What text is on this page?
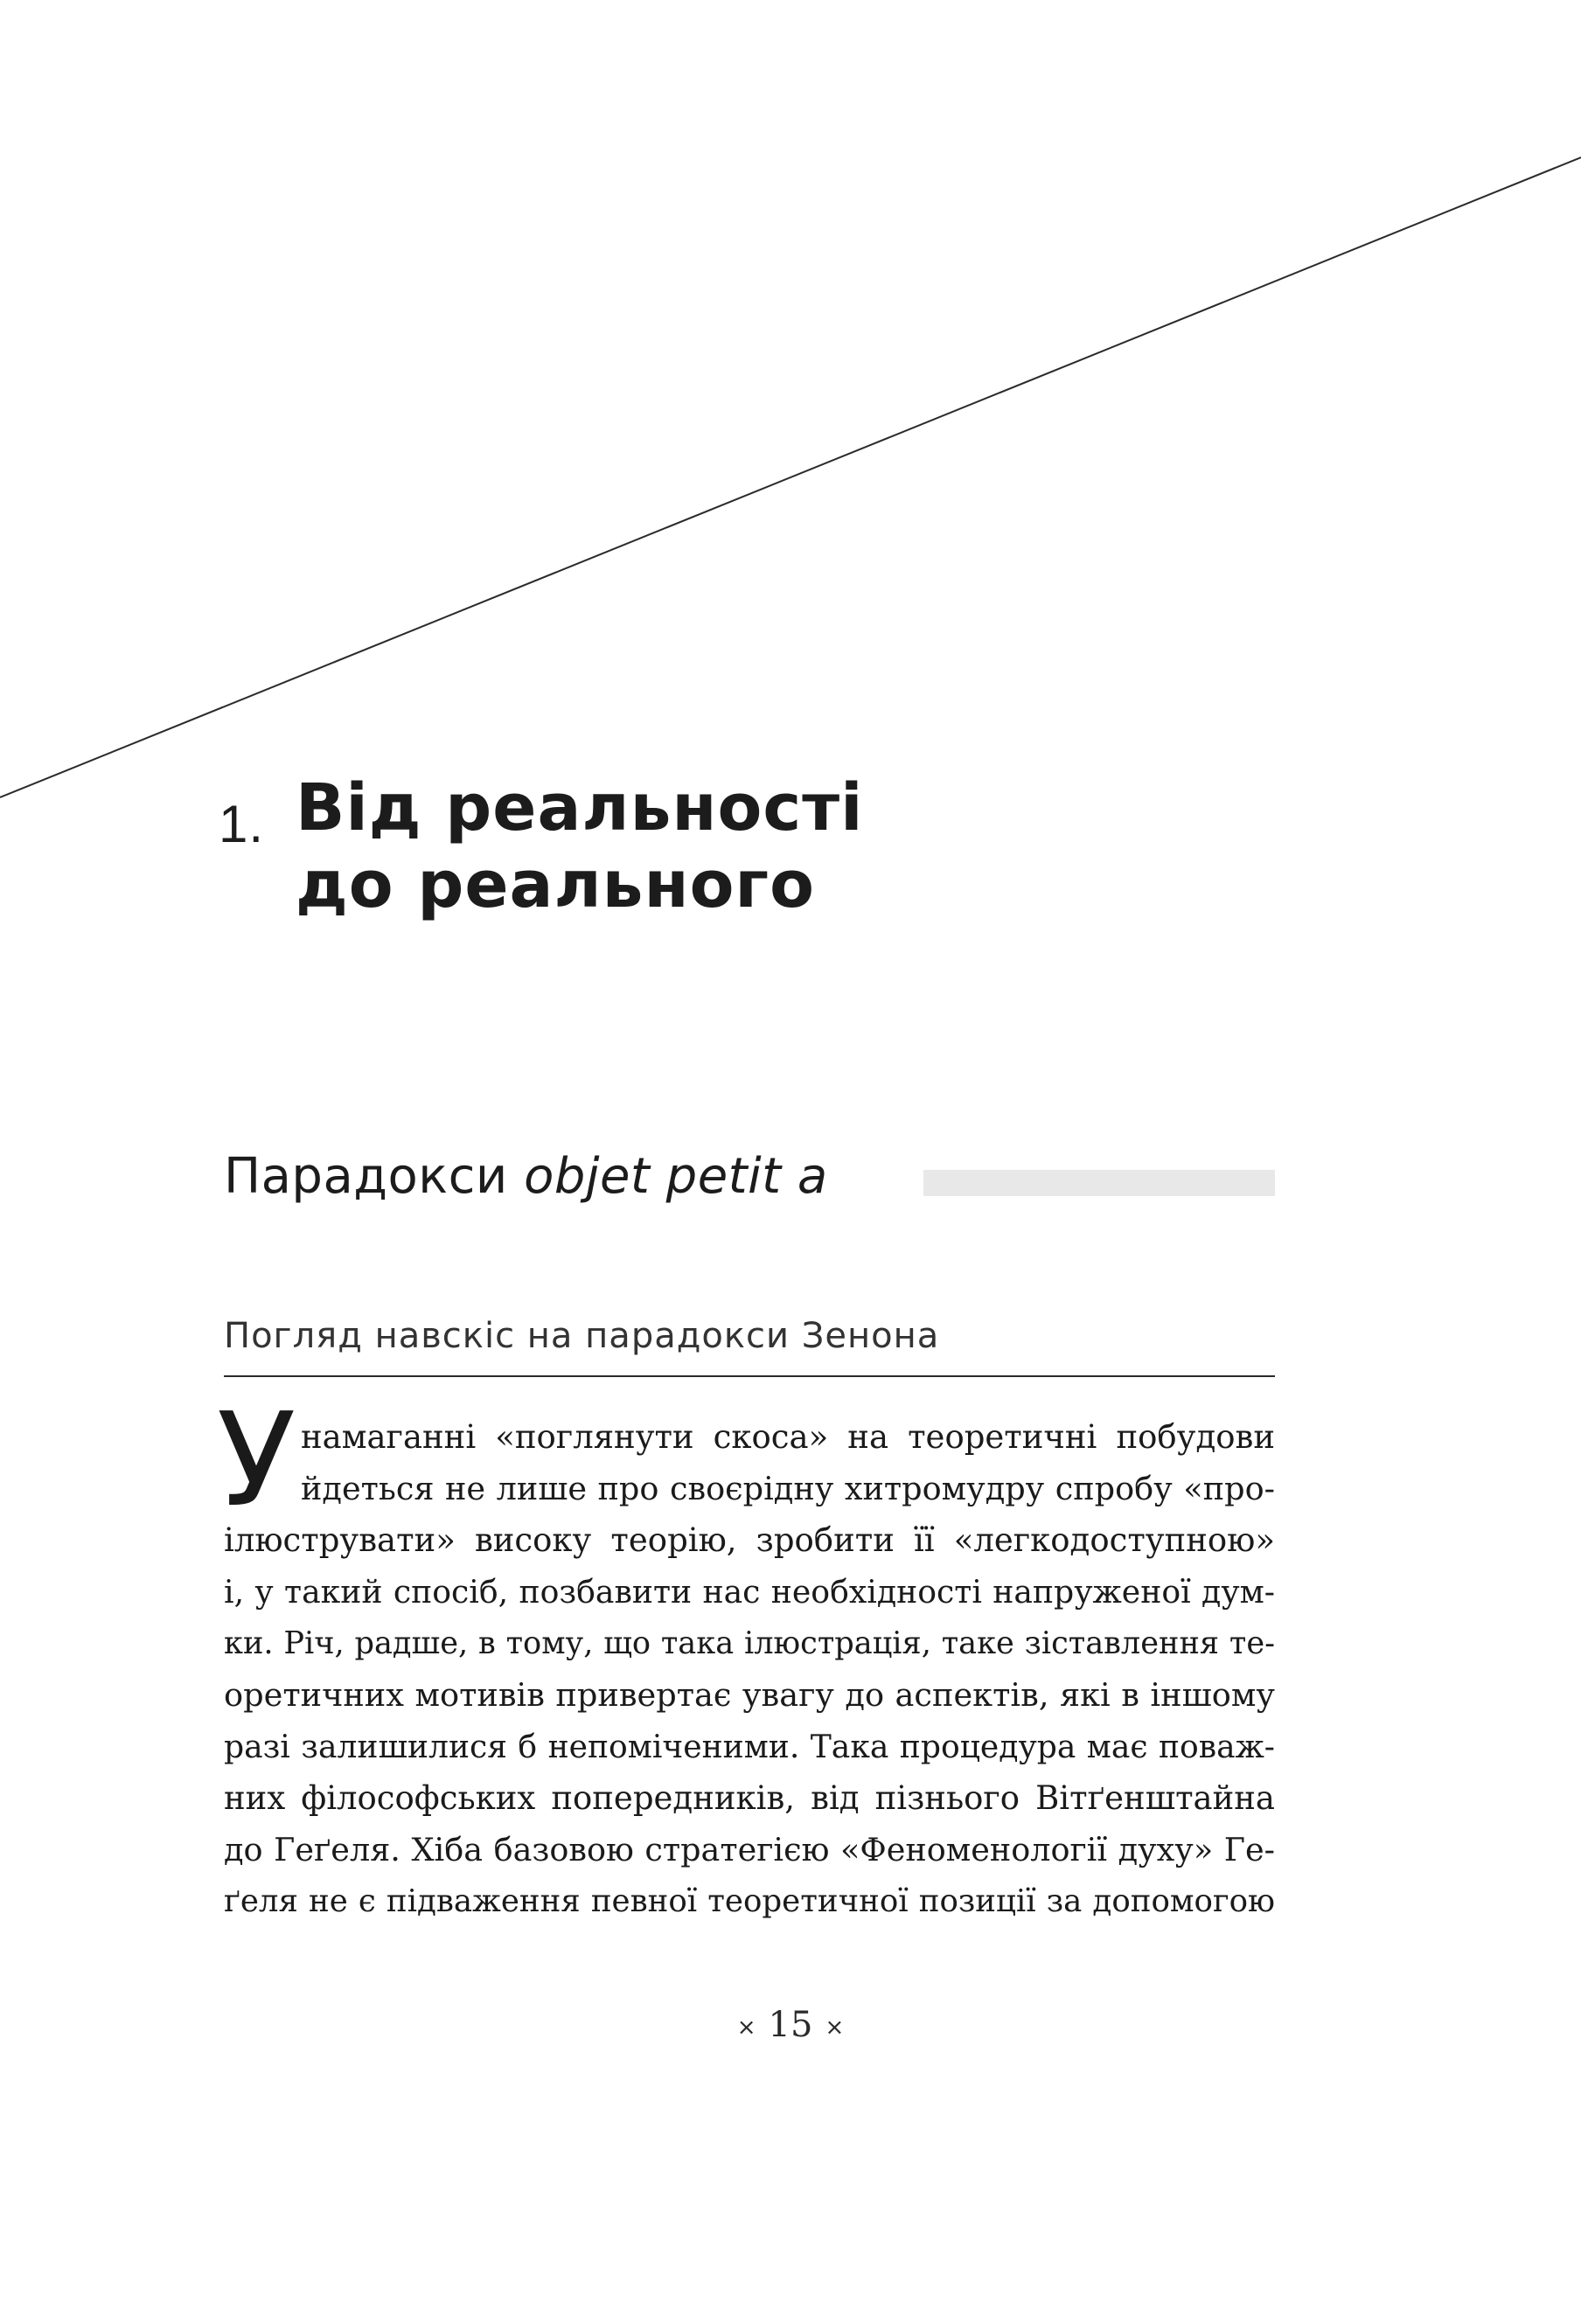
1. Від реальності
до реального
Парадокси objet petit a
Погляд навскіс на парадокси Зенона
У намаганні «поглянути скоса» на теоретичні побудови
йдеться не лише про своєрідну хитромудру спробу «про-
ілюструвати» високу теорію, зробити її «легкодоступною»
і, у такий спосіб, позбавити нас необхідності напруженої дум-
ки. Річ, радше, в тому, що така ілюстрація, таке зіставлення те-
оретичних мотивів привертає увагу до аспектів, які в іншому
разі залишилися б непоміченими. Така процедура має поваж-
них філософських попередників, від пізнього Вітґенштайна
до Геґеля. Хіба базовою стратегією «Феноменології духу» Ге-
ґеля не є підваження певної теоретичної позиції за допомогою
× 15 ×
